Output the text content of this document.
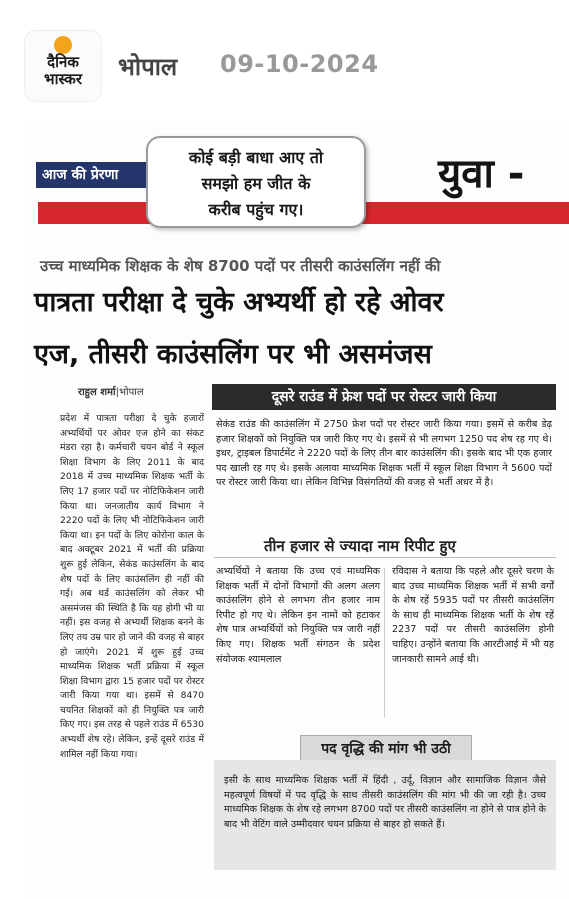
दैनिक
भास्कर	भोपाल 09-10-2024
आज की प्रेरणा
कोई बड़ी बाधा आए तो
समझो हम जीत के
करीब पहुंच गए।
युवा -
उच्च माध्यमिक शिक्षक के शेष 8700 पदों पर तीसरी काउंसलिंग नहीं की
पात्रता परीक्षा दे चुके अभ्यर्थी हो रहे ओवर
एज, तीसरी काउंसलिंग पर भी असमंजस
राहुल शर्मा|भोपाल

प्रदेश में पात्रता परीक्षा दे चुके हजारों अभ्यर्थियों पर ओवर एज होने का संकट मंडरा रहा है। कर्मचारी चयन बोर्ड ने स्कूल शिक्षा विभाग के लिए 2011 के बाद 2018 में उच्च माध्यमिक शिक्षक भर्ती के लिए 17 हजार पदों पर नोटिफिकेशन जारी किया था। जनजातीय कार्य विभाग ने 2220 पदों के लिए भी नोटिफिकेशन जारी किया था। इन पदों के लिए कोरोना काल के बाद अक्टूबर 2021 में भर्ती की प्रक्रिया शुरू हुई लेकिन, सेकंड काउंसलिंग के बाद शेष पदों के लिए काउंसलिंग ही नहीं की गई। अब थर्ड काउंसलिंग को लेकर भी असमंजस की स्थिति है कि यह होगी भी या नहीं। इस वजह से अभ्यर्थी शिक्षक बनने के लिए तय उम्र पार हो जाने की वजह से बाहर हो जाएंगे। 2021 में शुरू हुई उच्च माध्यमिक शिक्षक भर्ती प्रक्रिया में स्कूल शिक्षा विभाग द्वारा 15 हजार पदों पर रोस्टर जारी किया गया था। इसमें से 8470 चयनित शिक्षकों को ही नियुक्ति पत्र जारी किए गए। इस तरह से पहले राउंड में 6530 अभ्यर्थी शेष रहे। लेकिन, इन्हें दूसरे राउंड में शामिल नहीं किया गया।

दूसरे राउंड में फ्रेश पदों पर रोस्टर जारी किया
सेकंड राउंड की काउंसलिंग में 2750 फ्रेश पदों पर रोस्टर जारी किया गया। इसमें से करीब डेढ़ हजार शिक्षकों को नियुक्ति पत्र जारी किए गए थे। इसमें से भी लगभग 1250 पद शेष रह गए थे। इधर, ट्राइबल डिपार्टमेंट ने 2220 पदों के लिए तीन बार काउंसलिंग की। इसके बाद भी एक हजार पद खाली रह गए थे। इसके अलावा माध्यमिक शिक्षक भर्ती में स्कूल शिक्षा विभाग ने 5600 पदों पर रोस्टर जारी किया था। लेकिन विभिन्न विसंगतियों की वजह से भर्ती अधर में है।
तीन हजार से ज्यादा नाम रिपीट हुए
अभ्यर्थियों ने बताया कि उच्च एवं माध्यमिक शिक्षक भर्ती में दोनों विभागों की अलग अलग काउंसलिंग होने से लगभग तीन हजार नाम रिपीट हो गए थे। लेकिन इन नामों को हटाकर शेष पात्र अभ्यर्थियों को नियुक्ति पत्र जारी नहीं किए गए। शिक्षक भर्ती संगठन के प्रदेश संयोजक श्यामलाल
रविदास ने बताया कि पहले और दूसरे चरण के बाद उच्च माध्यमिक शिक्षक भर्ती में सभी वर्गों के शेष रहें 5935 पदों पर तीसरी काउंसलिंग के साथ ही माध्यमिक शिक्षक भर्ती के शेष रहें 2237 पदों पर तीसरी काउंसलिंग होनी चाहिए। उन्होंने बताया कि आरटीआई में भी यह जानकारी सामने आई थी।
पद वृद्धि की मांग भी उठी
इसी के साथ माध्यमिक शिक्षक भर्ती में हिंदी , उर्दू, विज्ञान और सामाजिक विज्ञान जैसे महत्वपूर्ण विषयों में पद वृद्धि के साथ तीसरी काउंसलिंग की मांग भी की जा रही है। उच्च माध्यमिक शिक्षक के शेष रहे लगभग 8700 पदों पर तीसरी काउंसलिंग ना होने से पात्र होने के बाद भी वेटिंग वाले उम्मीदवार चयन प्रक्रिया से बाहर हो सकते हैं।
